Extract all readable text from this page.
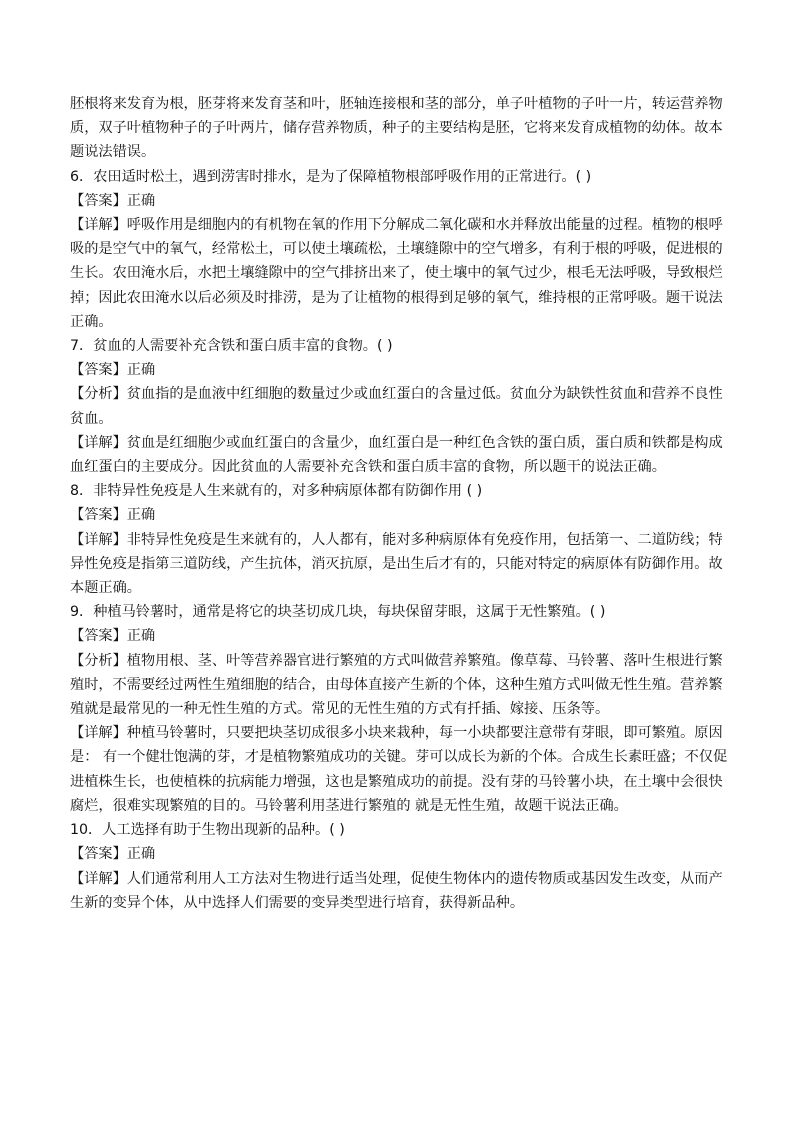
胚根将来发育为根，胚芽将来发育茎和叶，胚轴连接根和茎的部分，单子叶植物的子叶一片，转运营养物质，双子叶植物种子的子叶两片，储存营养物质，种子的主要结构是胚，它将来发育成植物的幼体。故本题说法错误。

6．农田适时松土，遇到涝害时排水，是为了保障植物根部呼吸作用的正常进行。( )

【答案】正确

【详解】呼吸作用是细胞内的有机物在氧的作用下分解成二氧化碳和水并释放出能量的过程。植物的根呼吸的是空气中的氧气，经常松土，可以使土壤疏松，土壤缝隙中的空气增多，有利于根的呼吸，促进根的生长。农田淹水后，水把土壤缝隙中的空气排挤出来了，使土壤中的氧气过少，根毛无法呼吸，导致根烂掉；因此农田淹水以后必须及时排涝，是为了让植物的根得到足够的氧气，维持根的正常呼吸。题干说法正确。

7．贫血的人需要补充含铁和蛋白质丰富的食物。( )

【答案】正确

【分析】贫血指的是血液中红细胞的数量过少或血红蛋白的含量过低。贫血分为缺铁性贫血和营养不良性贫血。

【详解】贫血是红细胞少或血红蛋白的含量少，血红蛋白是一种红色含铁的蛋白质，蛋白质和铁都是构成血红蛋白的主要成分。因此贫血的人需要补充含铁和蛋白质丰富的食物，所以题干的说法正确。

8．非特异性免疫是人生来就有的，对多种病原体都有防御作用 ( )

【答案】正确

【详解】非特异性免疫是生来就有的，人人都有，能对多种病原体有免疫作用，包括第一、二道防线；特异性免疫是指第三道防线，产生抗体，消灭抗原，是出生后才有的，只能对特定的病原体有防御作用。故本题正确。

9．种植马铃薯时，通常是将它的块茎切成几块，每块保留芽眼，这属于无性繁殖。( )

【答案】正确

【分析】植物用根、茎、叶等营养器官进行繁殖的方式叫做营养繁殖。像草莓、马铃薯、落叶生根进行繁殖时，不需要经过两性生殖细胞的结合，由母体直接产生新的个体，这种生殖方式叫做无性生殖。营养繁殖就是最常见的一种无性生殖的方式。常见的无性生殖的方式有扦插、嫁接、压条等。

【详解】种植马铃薯时，只要把块茎切成很多小块来栽种，每一小块都要注意带有芽眼，即可繁殖。原因是： 有一个健壮饱满的芽，才是植物繁殖成功的关键。芽可以成长为新的个体。合成生长素旺盛；不仅促进植株生长，也使植株的抗病能力增强，这也是繁殖成功的前提。没有芽的马铃薯小块，在土壤中会很快腐烂，很难实现繁殖的目的。马铃薯利用茎进行繁殖的 就是无性生殖，故题干说法正确。

10．人工选择有助于生物出现新的品种。( )

【答案】正确

【详解】人们通常利用人工方法对生物进行适当处理，促使生物体内的遗传物质或基因发生改变，从而产生新的变异个体，从中选择人们需要的变异类型进行培育，获得新品种。
